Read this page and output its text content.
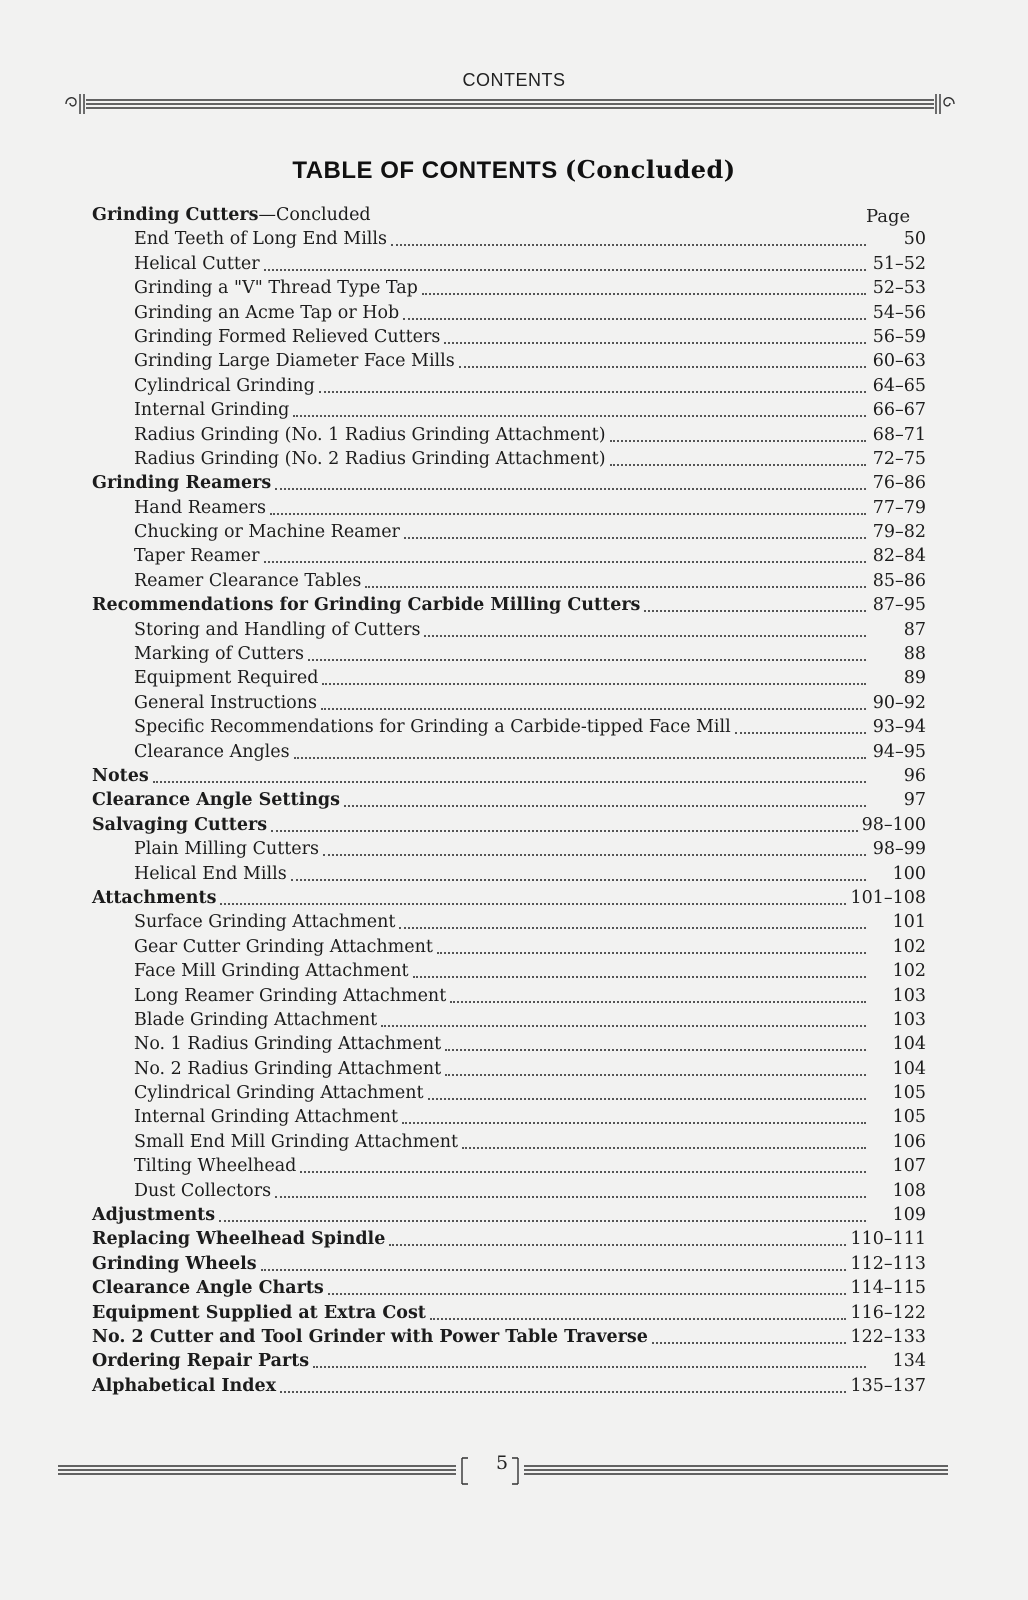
CONTENTS
TABLE OF CONTENTS (Concluded)
Page
Grinding Cutters —Concluded
End Teeth of Long End Mills	50
Helical Cutter	51–52
Grinding a "V" Thread Type Tap	52–53
Grinding an Acme Tap or Hob	54–56
Grinding Formed Relieved Cutters	56–59
Grinding Large Diameter Face Mills	60–63
Cylindrical Grinding	64–65
Internal Grinding	66–67
Radius Grinding (No. 1 Radius Grinding Attachment)	68–71
Radius Grinding (No. 2 Radius Grinding Attachment)	72–75
Grinding Reamers	76–86
Hand Reamers	77–79
Chucking or Machine Reamer	79–82
Taper Reamer	82–84
Reamer Clearance Tables	85–86
Recommendations for Grinding Carbide Milling Cutters	87–95
Storing and Handling of Cutters	87
Marking of Cutters	88
Equipment Required	89
General Instructions	90–92
Specific Recommendations for Grinding a Carbide-tipped Face Mill	93–94
Clearance Angles	94–95
Notes	96
Clearance Angle Settings	97
Salvaging Cutters	98–100
Plain Milling Cutters	98–99
Helical End Mills	100
Attachments	101–108
Surface Grinding Attachment	101
Gear Cutter Grinding Attachment	102
Face Mill Grinding Attachment	102
Long Reamer Grinding Attachment	103
Blade Grinding Attachment	103
No. 1 Radius Grinding Attachment	104
No. 2 Radius Grinding Attachment	104
Cylindrical Grinding Attachment	105
Internal Grinding Attachment	105
Small End Mill Grinding Attachment	106
Tilting Wheelhead	107
Dust Collectors	108
Adjustments	109
Replacing Wheelhead Spindle	110–111
Grinding Wheels	112–113
Clearance Angle Charts	114–115
Equipment Supplied at Extra Cost	116–122
No. 2 Cutter and Tool Grinder with Power Table Traverse	122–133
Ordering Repair Parts	134
Alphabetical Index	135–137
5
